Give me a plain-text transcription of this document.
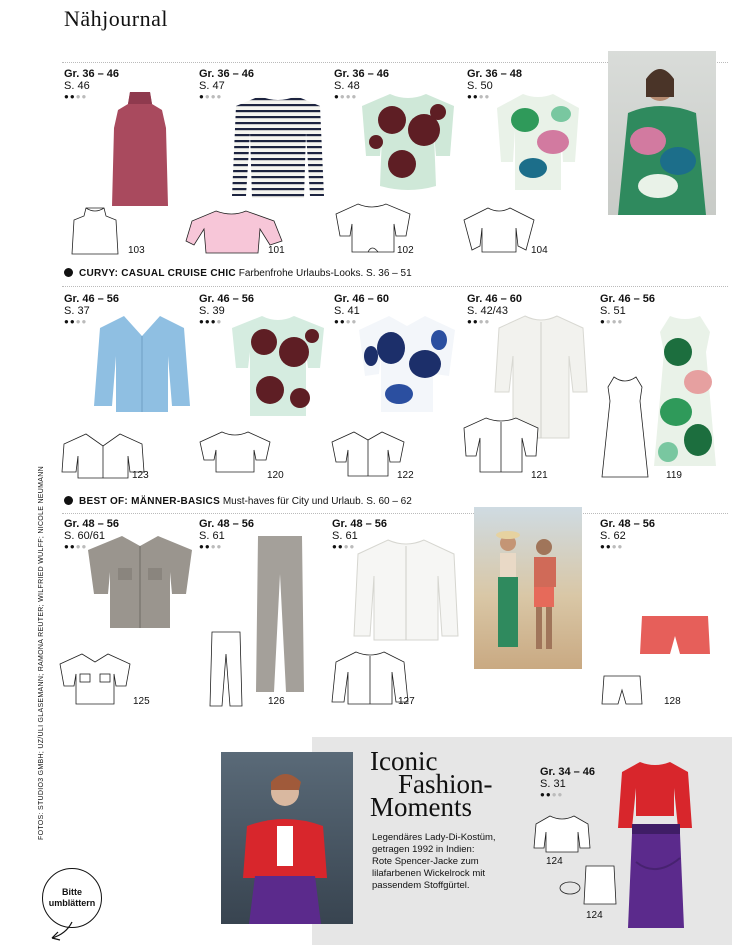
Nähjournal
Gr. 36 – 46
S. 46
●●●●
Gr. 36 – 46
S. 47
●●●●
Gr. 36 – 46
S. 48
●●●●
Gr. 36 – 48
S. 50
●●●●
103	101	102	104
CURVY: CASUAL CRUISE CHIC Farbenfrohe Urlaubs-Looks. S. 36 – 51
Gr. 46 – 56
S. 37
●●●●
Gr. 46 – 56
S. 39
●●●●
Gr. 46 – 60
S. 41
●●●●
Gr. 46 – 60
S. 42/43
●●●●
Gr. 46 – 56
S. 51
●●●●
123	120	122	121	119
BEST OF: MÄNNER-BASICS Must-haves für City und Urlaub. S. 60 – 62
Gr. 48 – 56
S. 60/61
●●●●
Gr. 48 – 56
S. 61
●●●●
Gr. 48 – 56
S. 61
●●●●
Gr. 48 – 56
S. 62
●●●●
125	126	127	128
FOTOS: STUDIO3 GMBH; UZ/ULI GLASEMANN; RAMONA REUTER; WILFRIED WULFF; NICOLE NEUMANN	Iconic
Fashion-
Moments
Legendäres Lady-Di-Kostüm, getragen 1992 in Indien: Rote Spencer-Jacke zum lilafarbenen Wickelrock mit passendem Stoffgürtel.
Gr. 34 – 46
S. 31
●●●●
124
124
Bitte
umblättern
